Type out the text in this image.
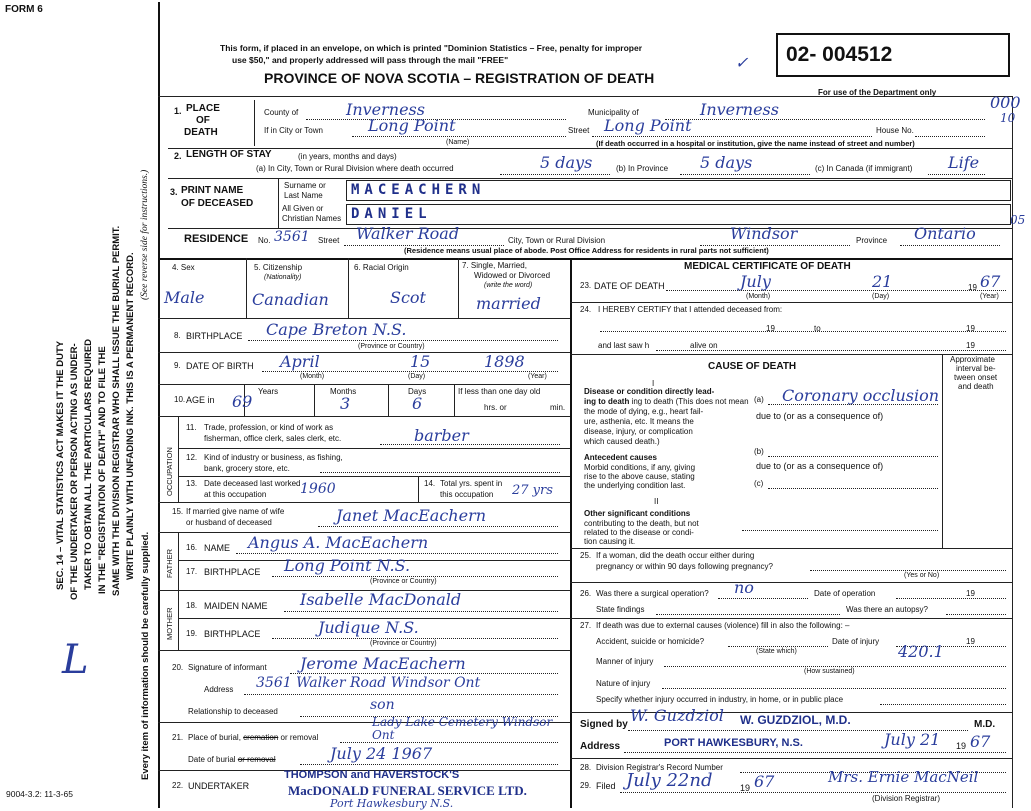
FORM 6
This form, if placed in an envelope, on which is printed "Dominion Statistics – Free, penalty for improper
use $50," and properly addressed will pass through the mail "FREE"
PROVINCE OF NOVA SCOTIA – REGISTRATION OF DEATH
✓ 02- 004512
For use of the Department only
000
10
05
SEC. 14 – VITAL STATISTICS ACT MAKES IT THE DUTY OF THE UNDERTAKER OR PERSON ACTING AS UNDER- TAKER TO OBTAIN ALL THE PARTICULARS REQUIRED IN THE "REGISTRATION OF DEATH" AND TO FILE THE SAME WITH THE DIVISION REGISTRAR WHO SHALL ISSUE THE BURIAL PERMIT. WRITE PLAINLY WITH UNFADING INK. THIS IS A PERMANENT RECORD.
(See reverse side for instructions.)
Every item of information should be carefully supplied.
L
1. PLACE
OF
DEATH
County of	Inverness	Municipality of	Inverness
If in City or Town	Long Point
(Name)
Street Long Point	House No.
(If death occurred in a hospital or institution, give the name instead of street and number)
2. LENGTH OF STAY	(in years, months and days)
(a) In City, Town or Rural Division where death occurred	5 days	(b) In Province 5 days	(c) In Canada (if immigrant) Life
3. PRINT NAME
OF DECEASED
Surname or
Last Name
All Given or
Christian Names
MACEACHERN
DANIEL
RESIDENCE No. 3561 Street Walker Road	City, Town or Rural Division	Windsor	Province Ontario
(Residence means usual place of abode. Post Office Address for residents in rural parts not sufficient)
4. Sex
Male
5. Citizenship
(Nationality)
Canadian
6. Racial Origin
Scot
7. Single, Married,
Widowed or Divorced
(write the word)
married
8. BIRTHPLACE Cape Breton N.S.
(Province or Country)
9. DATE OF BIRTH April	15	1898
(Month)	(Day)	(Year)
10. AGE in
Years	Months	Days
69	3	6
If less than one day old
hrs. or	min.
OCCUPATION
11. Trade, profession, or kind of work as
fisherman, office clerk, sales clerk, etc.	barber
12. Kind of industry or business, as fishing,
bank, grocery store, etc.
13. Date deceased last worked
at this occupation 1960	14. Total yrs. spent in
this occupation 27 yrs
15. If married give name of wife
or husband of deceased	Janet MacEachern
FATHER
16. NAME Angus A. MacEachern
17. BIRTHPLACE Long Point N.S.
(Province or Country)
MOTHER
18. MAIDEN NAME Isabelle MacDonald
19. BIRTHPLACE	Judique N.S.
(Province or Country)
20. Signature of informant Jerome MacEachern
Address 3561 Walker Road Windsor Ont
Relationship to deceased	son
21. Place of burial, cremation or removal
Lady Lake Cemetery Windsor Ont
Date of burial or removal	July 24 1967
22. UNDERTAKER
THOMPSON and HAVERSTOCK'S
MacDONALD FUNERAL SERVICE LTD.
Port Hawkesbury N.S.
9004-3.2: 11-3-65
MEDICAL CERTIFICATE OF DEATH
23. DATE OF DEATH	July	21	19 67
(Month)	(Day)	(Year)
24. I HEREBY CERTIFY that I attended deceased from:
19	to	19
and last saw h	alive on	19
CAUSE OF DEATH
Approximate
interval be-
tween onset
and death
I
Disease or condition directly lead-
ing to death ing to death (This does not mean
the mode of dying, e.g., heart fail-
ure, asthenia, etc. It means the
disease, injury, or complication
which caused death.)
(a) Coronary occlusion
due to (or as a consequence of)
Antecedent causes
Morbid conditions, if any, giving
rise to the above cause, stating
the underlying condition last.
(b)
due to (or as a consequence of)
(c)
II
Other significant conditions
contributing to the death, but not
related to the disease or condi-
tion causing it.
25. If a woman, did the death occur either during
pregnancy or within 90 days following pregnancy?
(Yes or No)
26. Was there a surgical operation? no	Date of operation	19
State findings	Was there an autopsy?
27. If death was due to external causes (violence) fill in also the following: –
Accident, suicide or homicide?	Date of injury	19
(State which)	420.1
Manner of injury
(How sustained)
Nature of injury
Specify whether injury occurred in industry, in home, or in public place
Signed by W. Guzdziol W. GUZDZIOL, M.D.	M.D.
Address	PORT HAWKESBURY, N.S.	July 21 19 67
28. Division Registrar's Record Number
29. Filed July 22nd	19 67	Mrs. Ernie MacNeil
(Division Registrar)
